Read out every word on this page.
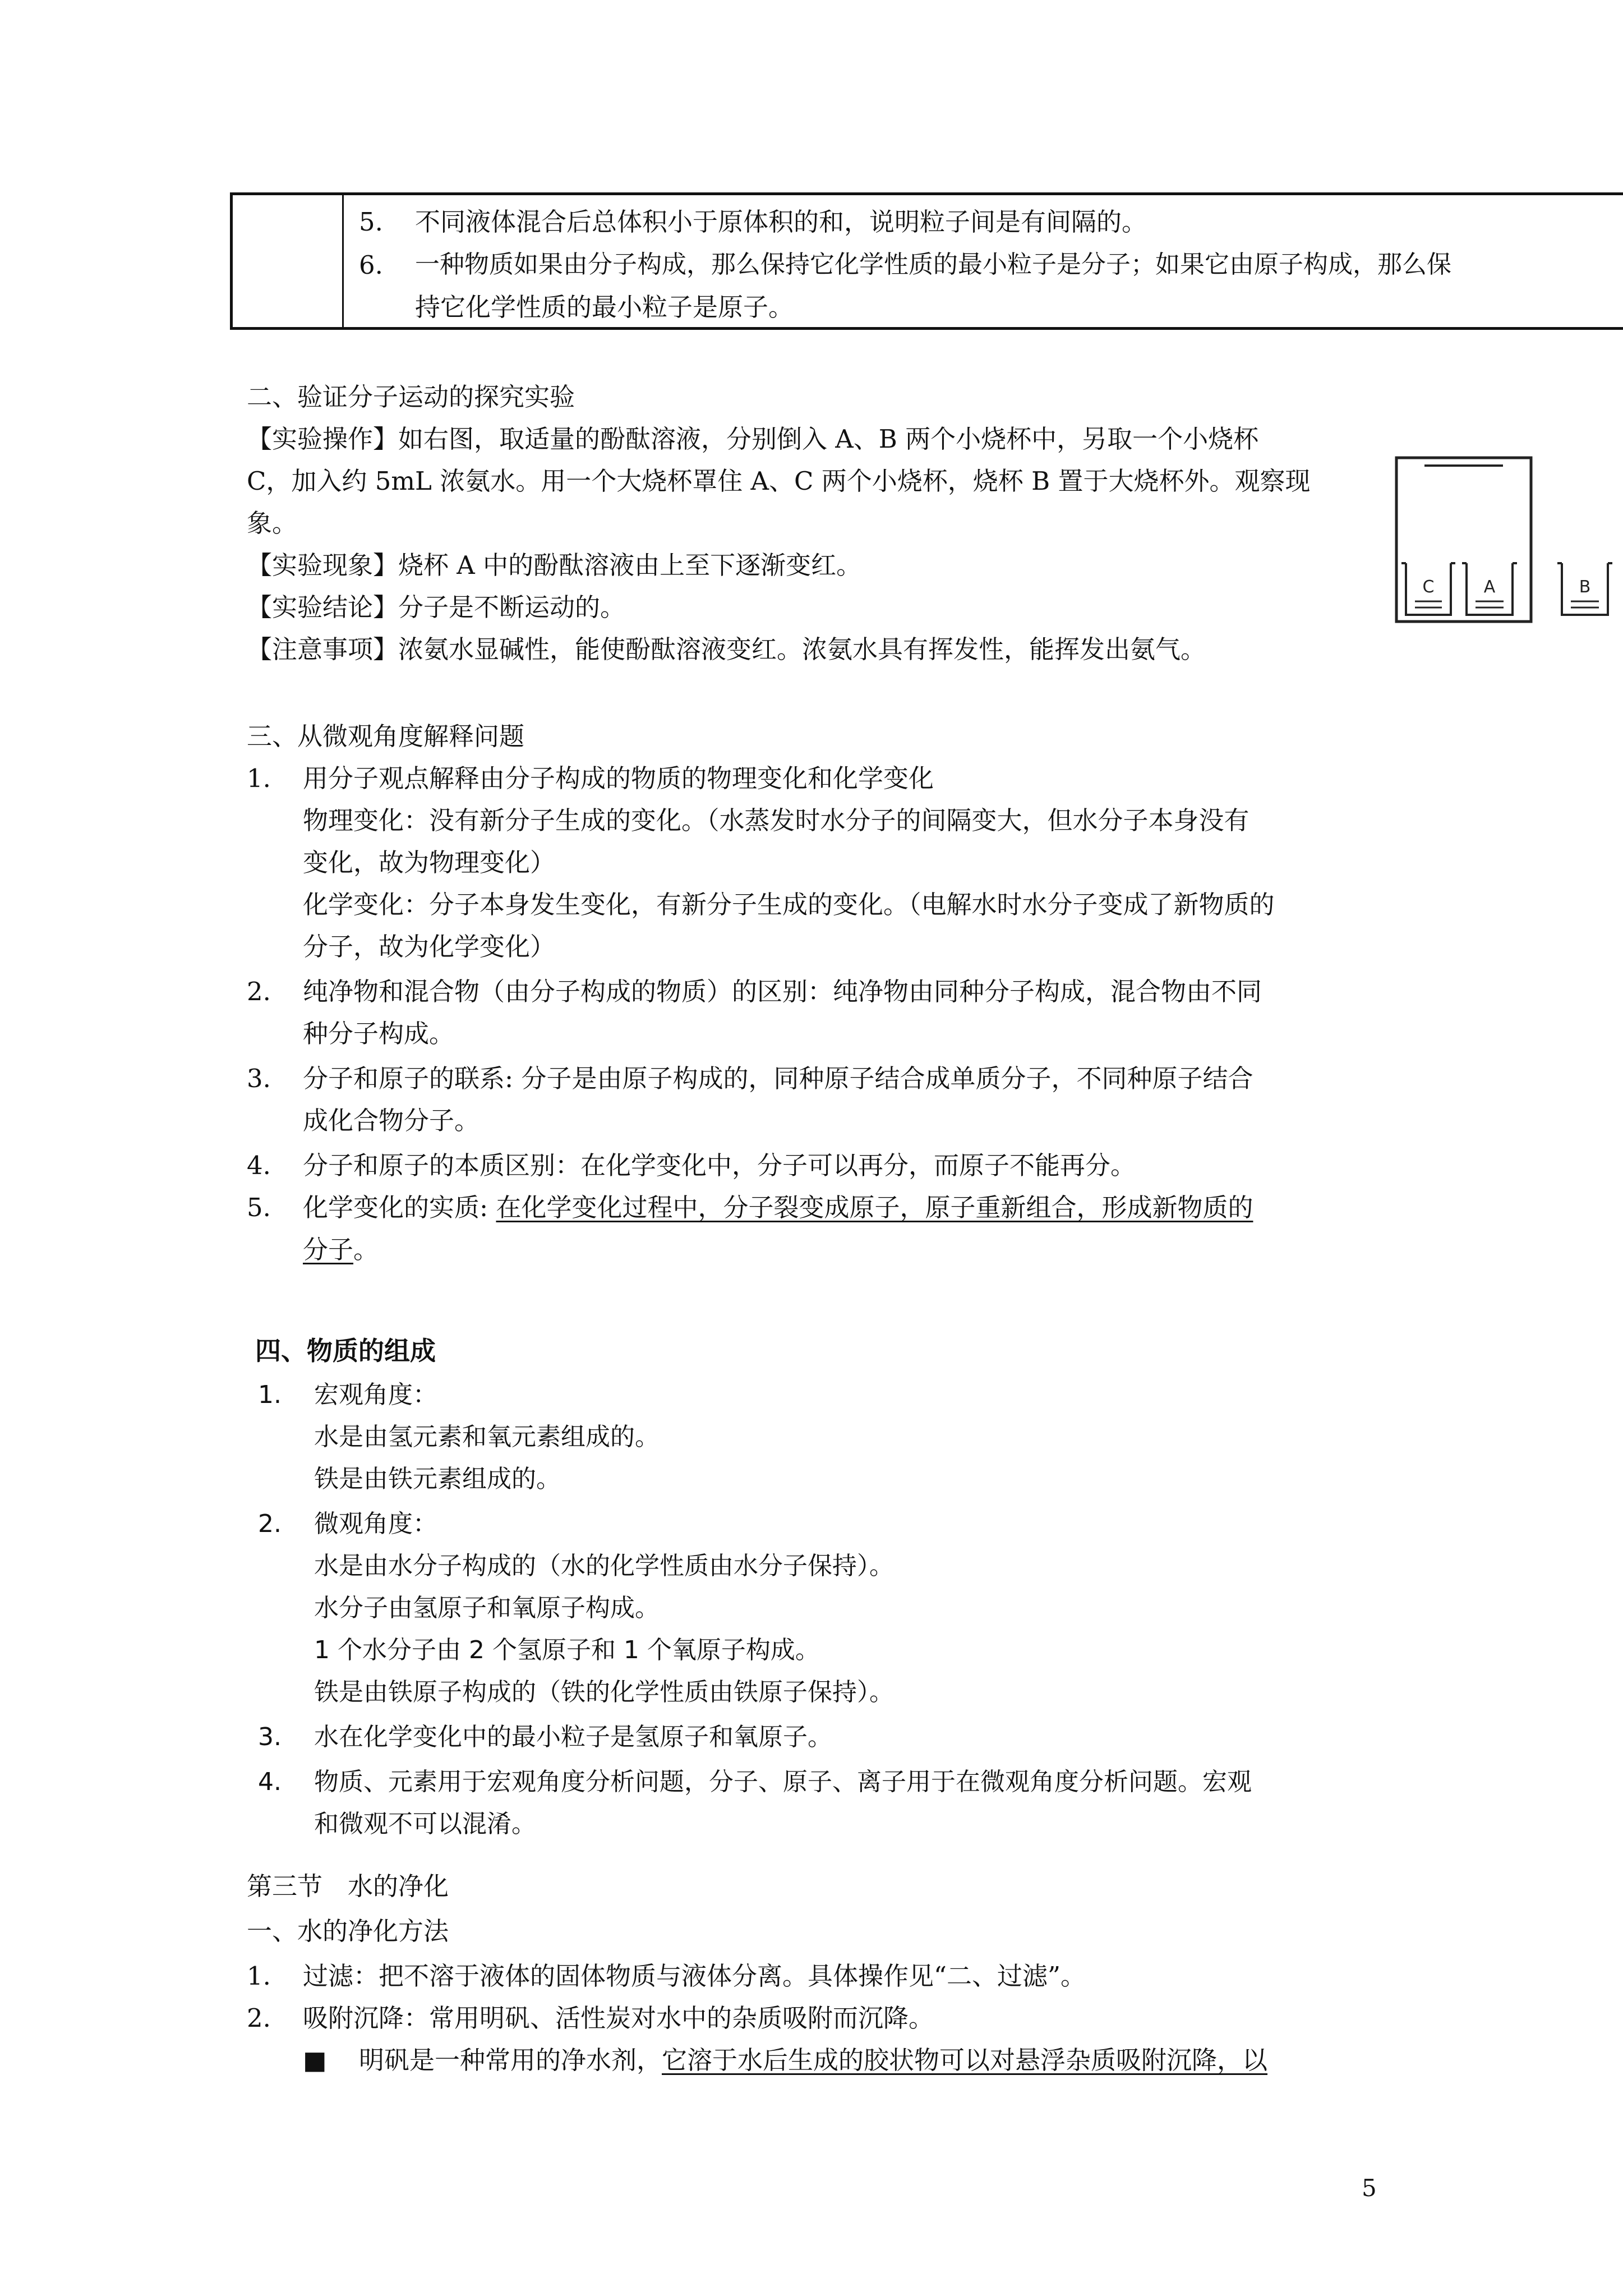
5. 不同液体混合后总体积小于原体积的和，说明粒子间是有间隔的。
6. 一种物质如果由分子构成，那么保持它化学性质的最小粒子是分子；如果它由原子构成，那么保
持它化学性质的最小粒子是原子。
二、验证分子运动的探究实验
【实验操作】如右图，取适量的酚酞溶液，分别倒入 A、B 两个小烧杯中，另取一个小烧杯
C，加入约 5mL 浓氨水。用一个大烧杯罩住 A、C 两个小烧杯，烧杯 B 置于大烧杯外。观察现
象。
【实验现象】烧杯 A 中的酚酞溶液由上至下逐渐变红。
【实验结论】分子是不断运动的。
【注意事项】浓氨水显碱性，能使酚酞溶液变红。浓氨水具有挥发性，能挥发出氨气。
C	A	B
三、从微观角度解释问题
1. 用分子观点解释由分子构成的物质的物理变化和化学变化
物理变化：没有新分子生成的变化。（水蒸发时水分子的间隔变大，但水分子本身没有
变化，故为物理变化）
化学变化：分子本身发生变化，有新分子生成的变化。（电解水时水分子变成了新物质的
分子，故为化学变化）
2. 纯净物和混合物（由分子构成的物质）的区别：纯净物由同种分子构成，混合物由不同
种分子构成。
3. 分子和原子的联系: 分子是由原子构成的，同种原子结合成单质分子，不同种原子结合
成化合物分子。
4. 分子和原子的本质区别：在化学变化中，分子可以再分，而原子不能再分。
5. 化学变化的实质: 在化学变化过程中，分子裂变成原子，原子重新组合，形成新物质的
分子。
四、物质的组成
1. 宏观角度：
水是由氢元素和氧元素组成的。
铁是由铁元素组成的。
2. 微观角度：
水是由水分子构成的（水的化学性质由水分子保持）。
水分子由氢原子和氧原子构成。
1 个水分子由 2 个氢原子和 1 个氧原子构成。
铁是由铁原子构成的（铁的化学性质由铁原子保持）。
3. 水在化学变化中的最小粒子是氢原子和氧原子。
4. 物质、元素用于宏观角度分析问题，分子、原子、离子用于在微观角度分析问题。宏观
和微观不可以混淆。
第三节　水的净化
一、水的净化方法
1. 过滤：把不溶于液体的固体物质与液体分离。具体操作见“二、过滤”。
2. 吸附沉降：常用明矾、活性炭对水中的杂质吸附而沉降。
■ 明矾是一种常用的净水剂，它溶于水后生成的胶状物可以对悬浮杂质吸附沉降，以
5
